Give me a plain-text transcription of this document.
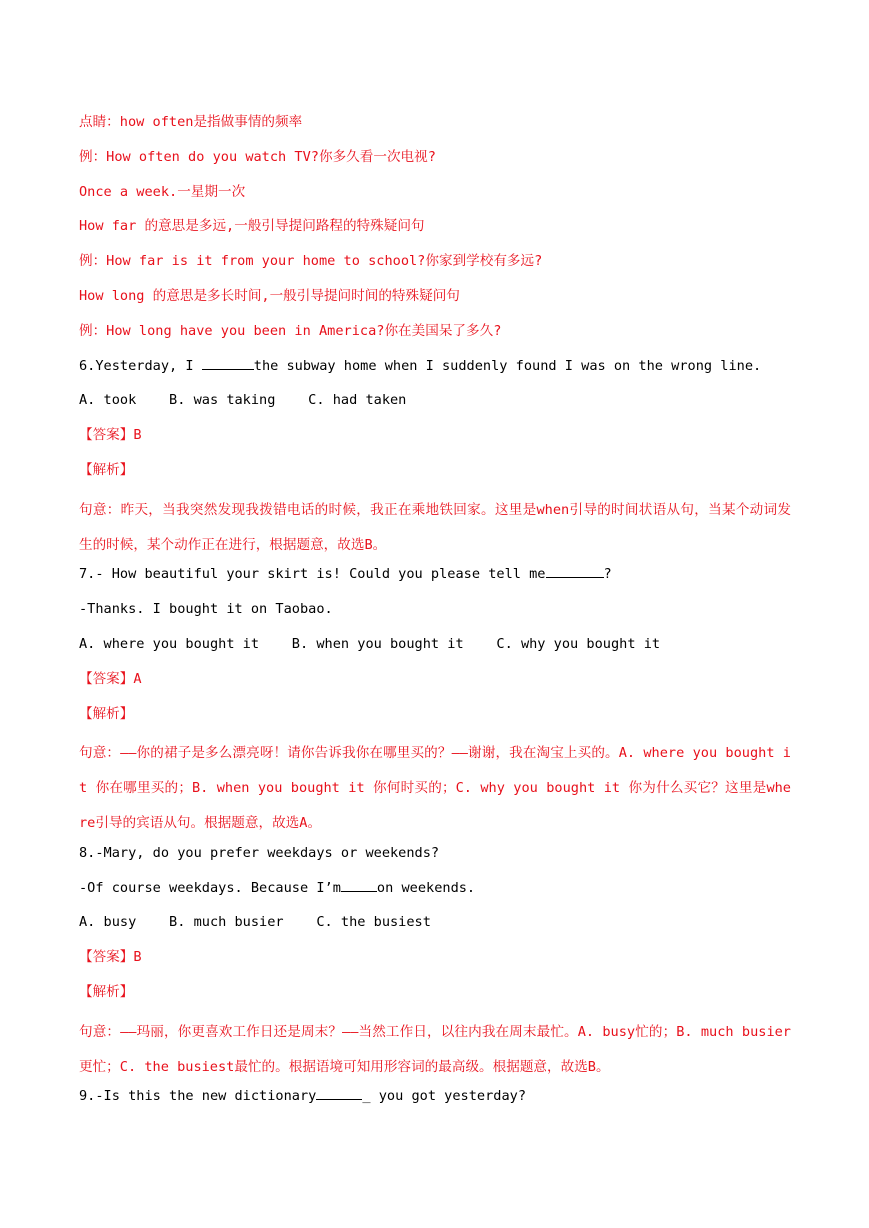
点睛：how often是指做事情的频率
例：How often do you watch TV?你多久看一次电视?
Once a week.一星期一次
How far 的意思是多远,一般引导提问路程的特殊疑问句
例：How far is it from your home to school?你家到学校有多远?
How long 的意思是多长时间,一般引导提问时间的特殊疑问句
例：How long have you been in America?你在美国呆了多久?
6.Yesterday, I	the subway home when I suddenly found I was on the wrong line.
A. took    B. was taking    C. had taken
【答案】B
【解析】
句意：昨天，当我突然发现我拨错电话的时候，我正在乘地铁回家。这里是when引导的时间状语从句，当某个动词发生的时候，某个动作正在进行，根据题意，故选B。
7.- How beautiful your skirt is! Could you please tell me	?
-Thanks. I bought it on Taobao.
A. where you bought it    B. when you bought it    C. why you bought it
【答案】A
【解析】
句意：——你的裙子是多么漂亮呀！请你告诉我你在哪里买的？——谢谢，我在淘宝上买的。A. where you bought it 你在哪里买的；B. when you bought it 你何时买的；C. why you bought it 你为什么买它？这里是where引导的宾语从句。根据题意，故选A。
8.-Mary, do you prefer weekdays or weekends?
-Of course weekdays. Because I’m	on weekends.
A. busy    B. much busier    C. the busiest
【答案】B
【解析】
句意：——玛丽，你更喜欢工作日还是周末？——当然工作日，以往内我在周末最忙。A. busy忙的；B. much busier更忙；C. the busiest最忙的。根据语境可知用形容词的最高级。根据题意，故选B。
9.-Is this the new dictionary	_ you got yesterday?
